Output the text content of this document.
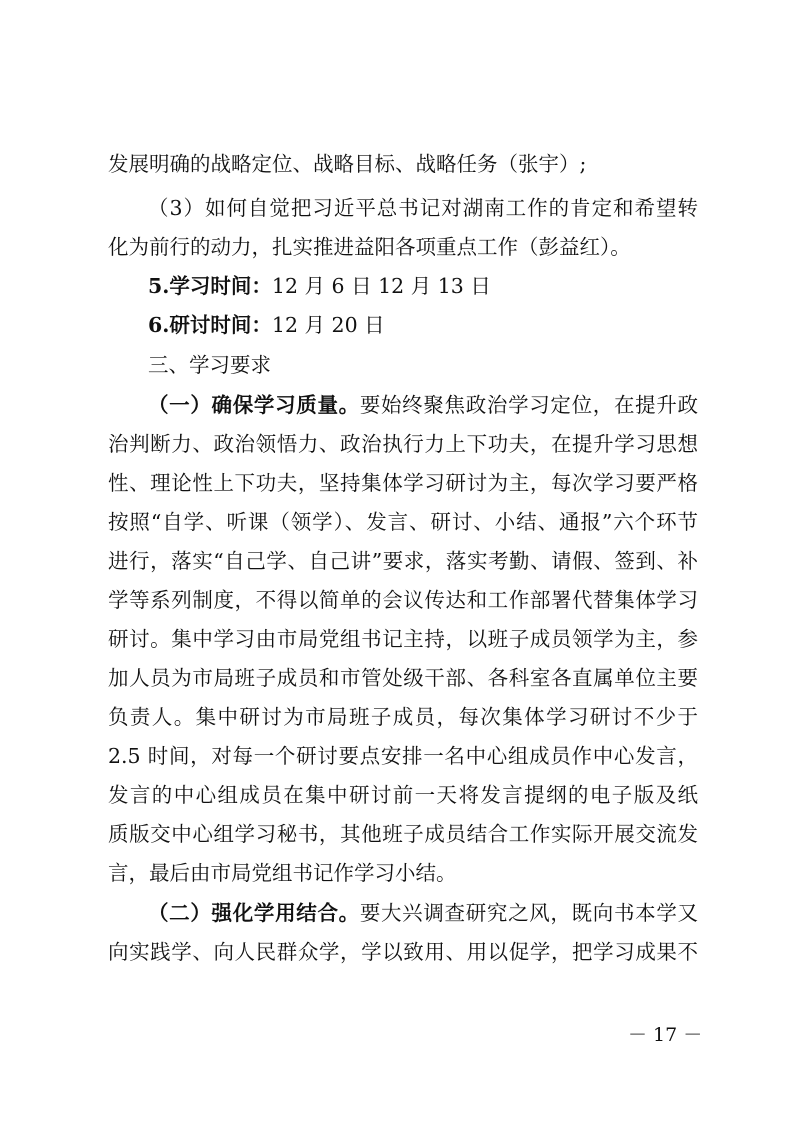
发展明确的战略定位、战略目标、战略任务（张宇）;
（3）如何自觉把习近平总书记对湖南工作的肯定和希望转
化为前行的动力，扎实推进益阳各项重点工作（彭益红）。
5.学习时间：12 月 6 日 12 月 13 日
6.研讨时间：12 月 20 日
三、学习要求
（一）确保学习质量。要始终聚焦政治学习定位，在提升政
治判断力、政治领悟力、政治执行力上下功夫，在提升学习思想
性、理论性上下功夫，坚持集体学习研讨为主，每次学习要严格
按照“自学、听课（领学）、发言、研讨、小结、通报”六个环节
进行，落实“自己学、自己讲”要求，落实考勤、请假、签到、补
学等系列制度，不得以简单的会议传达和工作部署代替集体学习
研讨。集中学习由市局党组书记主持，以班子成员领学为主，参
加人员为市局班子成员和市管处级干部、各科室各直属单位主要
负责人。集中研讨为市局班子成员，每次集体学习研讨不少于
2.5 时间，对每一个研讨要点安排一名中心组成员作中心发言，
发言的中心组成员在集中研讨前一天将发言提纲的电子版及纸
质版交中心组学习秘书，其他班子成员结合工作实际开展交流发
言，最后由市局党组书记作学习小结。
（二）强化学用结合。要大兴调查研究之风，既向书本学又
向实践学、向人民群众学，学以致用、用以促学，把学习成果不
－ 17 －
